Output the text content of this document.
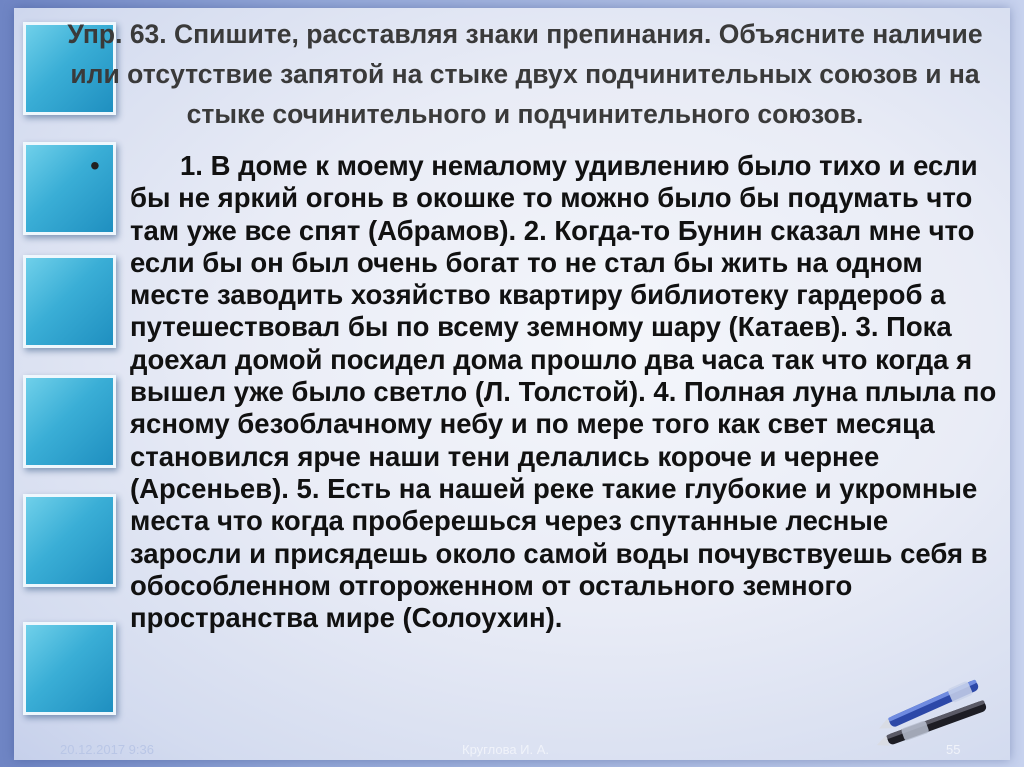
Упр. 63. Спишите, расставляя знаки препинания. Объясните наличие или отсутствие запятой на стыке двух подчинительных союзов и на стыке сочинительного и подчинительного союзов.

•	1. В доме к моему немалому удивлению было тихо и если бы не яркий огонь в окошке то можно было бы подумать что там уже все спят (Абрамов). 2. Когда-то Бунин сказал мне что если бы он был очень богат то не стал бы жить на одном месте заводить хозяйство квартиру библиотеку гардероб а путешествовал бы по всему земному шару (Катаев). 3. Пока доехал домой посидел дома прошло два часа так что когда я вышел уже было светло (Л. Толстой). 4. Полная луна плыла по ясному безоблачному небу и по мере того как свет месяца становился ярче наши тени делались короче и чернее (Арсеньев). 5. Есть на нашей реке такие глубокие и укромные места что когда проберешься через спутанные лесные заросли и присядешь около самой воды почувствуешь себя в обособленном отгороженном от остального земного пространства мире (Солоухин).

20.12.2017 9:36	Круглова И. А.	55
